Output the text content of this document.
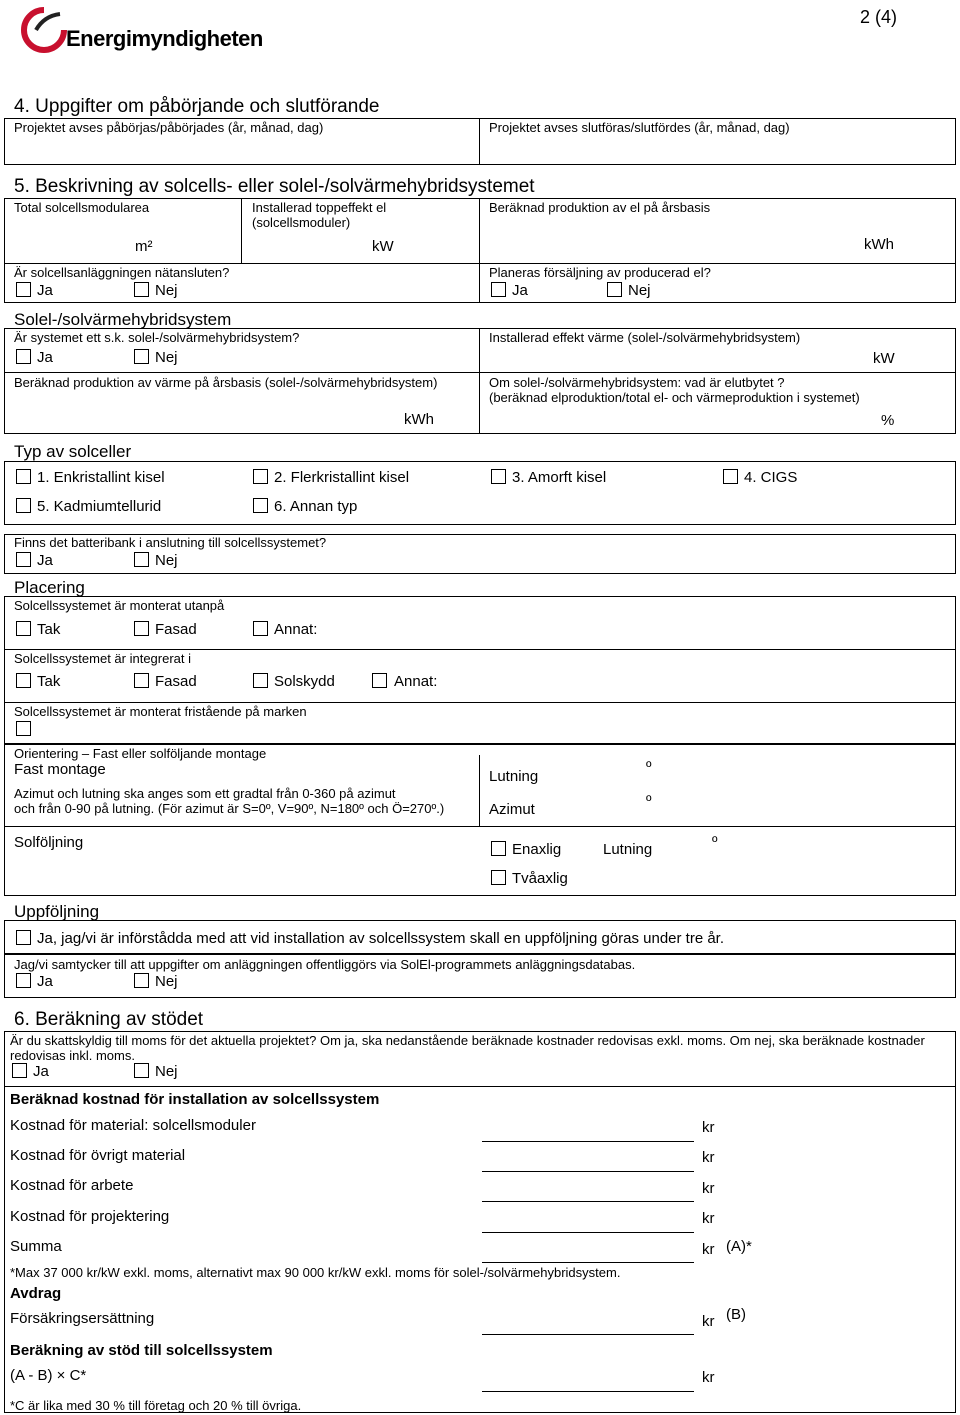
Energimyndigheten
2 (4)
4. Uppgifter om påbörjande och slutförande
Projektet avses påbörjas/påbörjades (år, månad, dag)	Projektet avses slutföras/slutfördes (år, månad, dag)
5. Beskrivning av solcells- eller solel-/solvärmehybridsystemet
Total solcellsmodularea
m²
Installerad toppeffekt el
(solcellsmoduler)
kW
Beräknad produktion av el på årsbasis
kWh
Är solcellsanläggningen nätansluten?
Ja	Nej
Planeras försäljning av producerad el?
Ja	Nej
Solel-/solvärmehybridsystem
Är systemet ett s.k. solel-/solvärmehybridsystem?
Ja	Nej
Installerad effekt värme (solel-/solvärmehybridsystem)
kW
Beräknad produktion av värme på årsbasis (solel-/solvärmehybridsystem)
kWh
Om solel-/solvärmehybridsystem: vad är elutbytet ?
(beräknad elproduktion/total el- och värmeproduktion i systemet)
%
Typ av solceller
1. Enkristallint kisel	2. Flerkristallint kisel	3. Amorft kisel	4. CIGS
5. Kadmiumtellurid	6. Annan typ
Finns det batteribank i anslutning till solcellssystemet?
Ja	Nej
Placering
Solcellssystemet är monterat utanpå
Tak	Fasad	Annat:
Solcellssystemet är integrerat i
Tak	Fasad	Solskydd	Annat:
Solcellssystemet är monterat fristående på marken
Orientering – Fast eller solföljande montage
Fast montage
Azimut och lutning ska anges som ett gradtal från 0-360 på azimut
och från 0-90 på lutning. (För azimut är S=0º, V=90º, N=180º och Ö=270º.)
Lutning
º
Azimut	º
Solföljning	Enaxlig	Lutning	º
Tvåaxlig
Uppföljning
Ja, jag/vi är införstådda med att vid installation av solcellssystem skall en uppföljning göras under tre år.
Jag/vi samtycker till att uppgifter om anläggningen offentliggörs via SolEl-programmets anläggningsdatabas.
Ja	Nej
6. Beräkning av stödet
Är du skattskyldig till moms för det aktuella projektet? Om ja, ska nedanstående beräknade kostnader redovisas exkl. moms. Om nej, ska beräknade kostnader
redovisas inkl. moms.
Ja	Nej
Beräknad kostnad för installation av solcellssystem
Kostnad för material: solcellsmoduler	kr
Kostnad för övrigt material	kr
Kostnad för arbete	kr
Kostnad för projektering	kr
Summa	kr (A)*
*Max 37 000 kr/kW exkl. moms, alternativt max 90 000 kr/kW exkl. moms för solel-/solvärmehybridsystem.
Avdrag
Försäkringsersättning	kr (B)
Beräkning av stöd till solcellssystem
(A - B) × C*	kr
*C är lika med 30 % till företag och 20 % till övriga.
